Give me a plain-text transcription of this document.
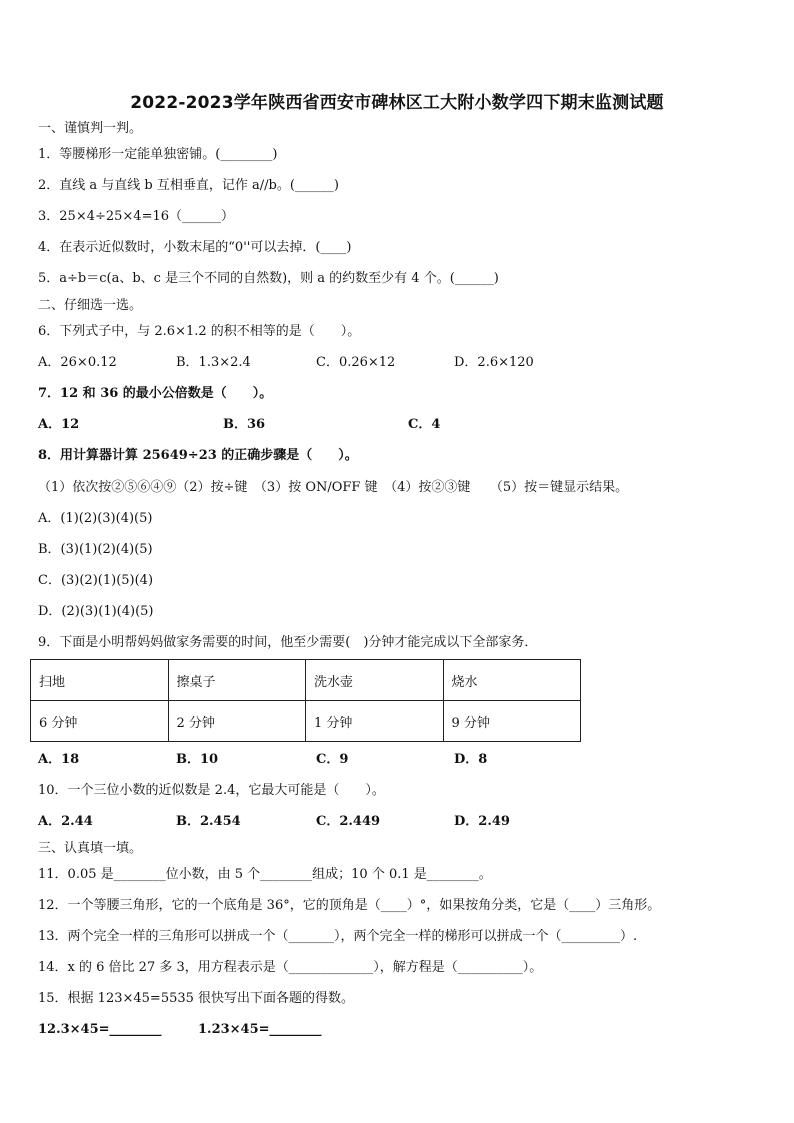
2022-2023学年陕西省西安市碑林区工大附小数学四下期末监测试题
一、谨慎判一判。
1．等腰梯形一定能单独密铺。(________)
2．直线 a 与直线 b 互相垂直，记作 a//b。(______)
3．25×4÷25×4=16（______）
4．在表示近似数时，小数末尾的“0''可以去掉．(____)
5．a÷b＝c(a、b、c 是三个不同的自然数)，则 a 的约数至少有 4 个。(______)
二、仔细选一选。
6．下列式子中，与 2.6×1.2 的积不相等的是（　　）。
A．26×0.12	B．1.3×2.4	C．0.26×12	D．2.6×120
7．12 和 36 的最小公倍数是（　　）。
A．12	B．36	C．4
8．用计算器计算 25649÷23 的正确步骤是（　　）。
（1）依次按②⑤⑥④⑨（2）按÷键　（3）按 ON/OFF 键　（4）按②③键　　（5）按＝键显示结果。
A．(1)(2)(3)(4)(5)
B．(3)(1)(2)(4)(5)
C．(3)(2)(1)(5)(4)
D．(2)(3)(1)(4)(5)
9．下面是小明帮妈妈做家务需要的时间，他至少需要(　)分钟才能完成以下全部家务．
扫地	擦桌子	洗水壶	烧水
6 分钟	2 分钟	1 分钟	9 分钟
A．18	B．10	C．9	D．8
10．一个三位小数的近似数是 2.4，它最大可能是（　　）。
A．2.44	B．2.454	C．2.449	D．2.49
三、认真填一填。
11．0.05 是________位小数，由 5 个________组成；10 个 0.1 是________。
12．一个等腰三角形，它的一个底角是 36°，它的顶角是（____）°，如果按角分类，它是（____）三角形。
13．两个完全一样的三角形可以拼成一个（_______），两个完全一样的梯形可以拼成一个（_________）.
14．x 的 6 倍比 27 多 3，用方程表示是（_____________），解方程是（__________）。
15．根据 123×45=5535 很快写出下面各题的得数。
12.3×45=________	1.23×45=________
